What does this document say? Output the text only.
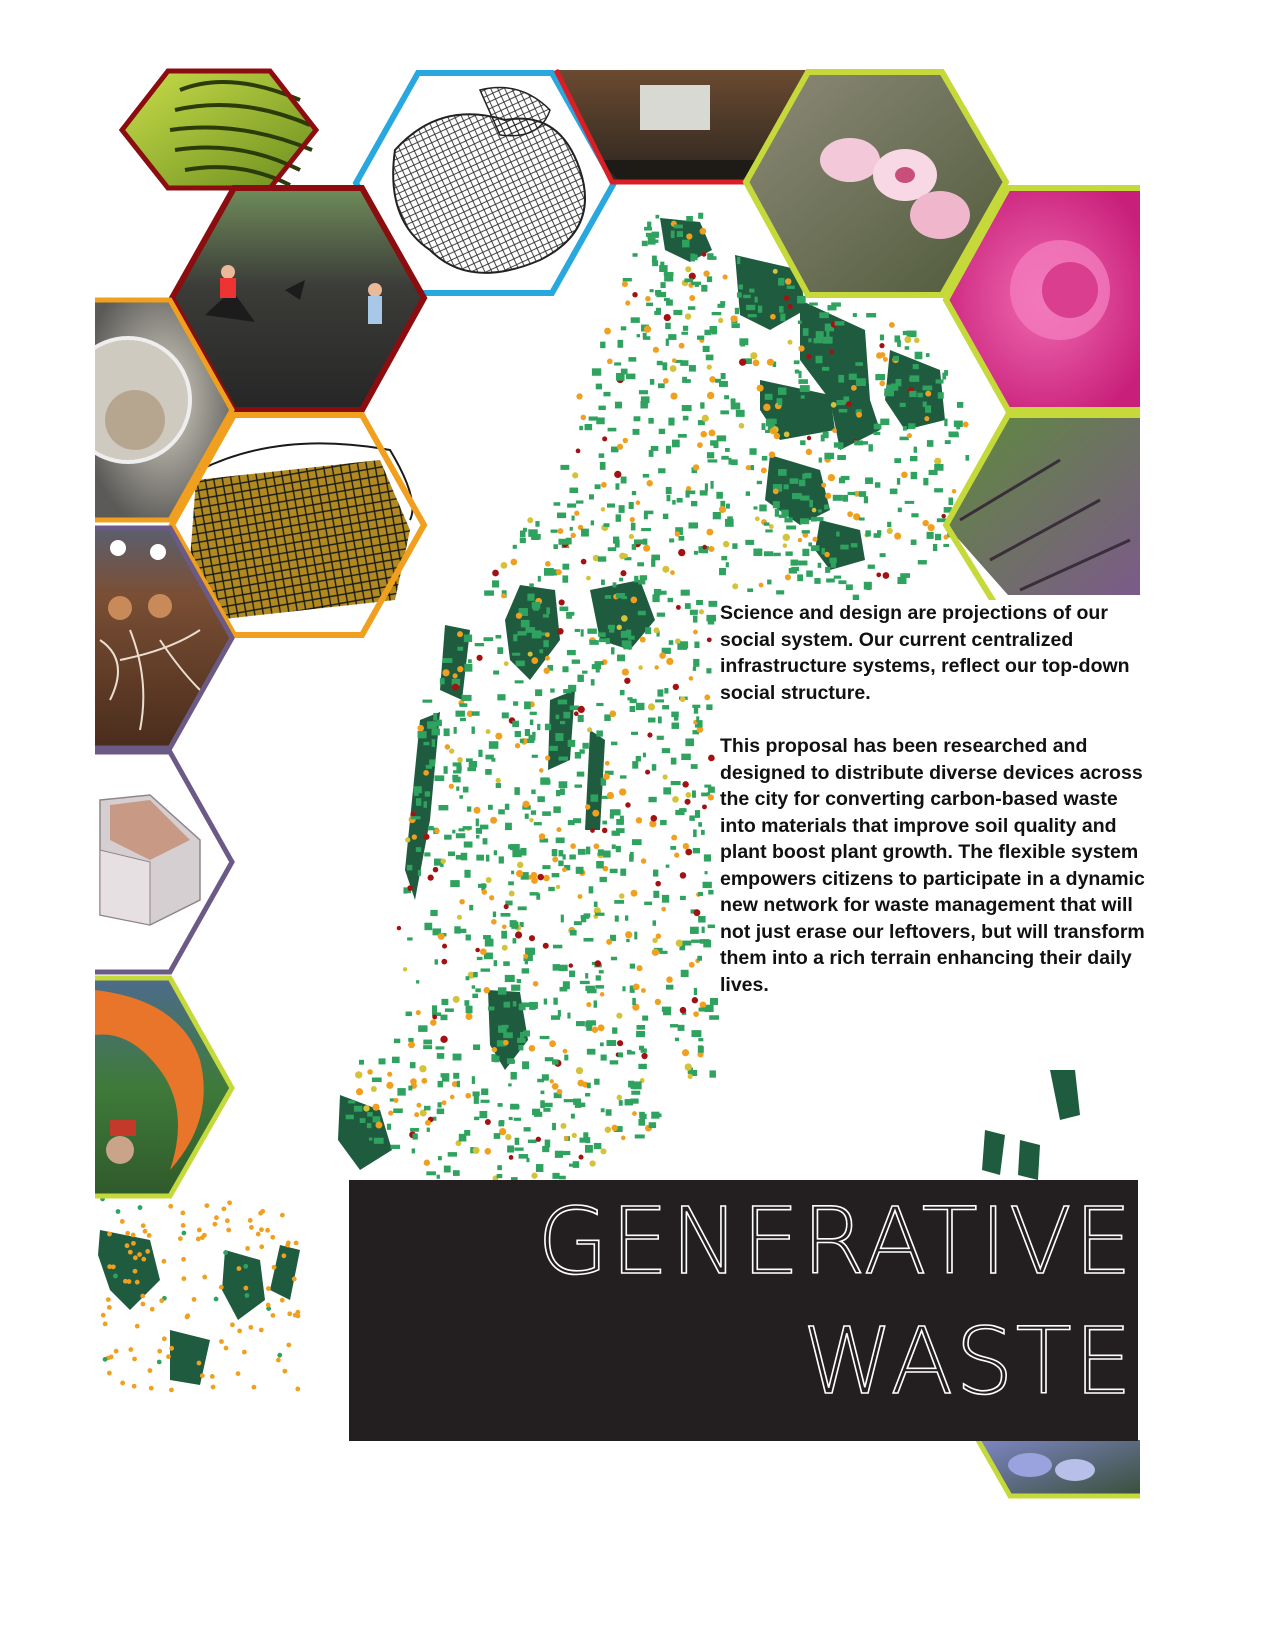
Science and design are projections of our social system. Our current centralized infrastructure systems, reflect our top-down social structure.

This proposal has been researched and designed to distribute diverse devices across the city for converting carbon-based waste into materials that improve soil quality and plant boost plant growth. The flexible system empowers citizens to participate in a dynamic new network for waste management that will not just erase our leftovers, but will transform them into a rich terrain enhancing their daily lives.

GENERATIVE
WASTE
